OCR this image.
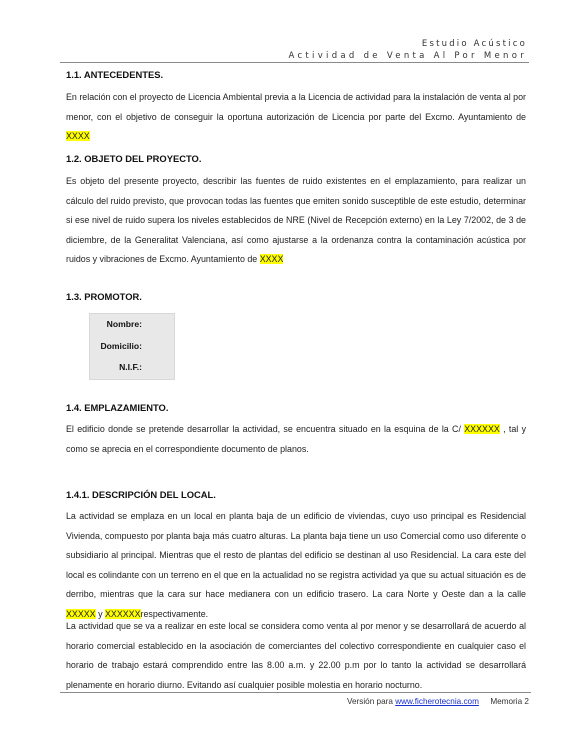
Estudio Acústico
Actividad de Venta Al Por Menor
1.1. ANTECEDENTES.
En relación con el proyecto de Licencia Ambiental previa a la Licencia de actividad para la instalación de venta al por menor, con el objetivo de conseguir la oportuna autorización de Licencia por parte del Excmo. Ayuntamiento de XXXX
1.2. OBJETO DEL PROYECTO.
Es objeto del presente proyecto, describir las fuentes de ruido existentes en el emplazamiento, para realizar un cálculo del ruido previsto, que provocan todas las fuentes que emiten sonido susceptible de este estudio, determinar si ese nivel de ruido supera los niveles establecidos de NRE (Nivel de Recepción externo) en la Ley 7/2002, de 3 de diciembre, de la Generalitat Valenciana, así como ajustarse a la ordenanza contra la contaminación acústica por ruidos y vibraciones de Excmo. Ayuntamiento de XXXX
1.3. PROMOTOR.
Nombre:
Domicilio:
N.I.F.:
1.4. EMPLAZAMIENTO.
El edificio donde se pretende desarrollar la actividad, se encuentra situado en la esquina de la C/ XXXXXX , tal y como se aprecia en el correspondiente documento de planos.
1.4.1. DESCRIPCIÓN DEL LOCAL.
La actividad se emplaza en un local en planta baja de un edificio de viviendas, cuyo uso principal es Residencial Vivienda, compuesto por planta baja más cuatro alturas. La planta baja tiene un uso Comercial como uso diferente o subsidiario al principal. Mientras que el resto de plantas del edificio se destinan al uso Residencial. La cara este del local es colindante con un terreno en el que en la actualidad no se registra actividad ya que su actual situación es de derribo, mientras que la cara sur hace medianera con un edificio trasero. La cara Norte y Oeste dan a la calle XXXXX y XXXXXXrespectivamente.
La actividad que se va a realizar en este local se considera como venta al por menor y se desarrollará de acuerdo al horario comercial establecido en la asociación de comerciantes del colectivo correspondiente en cualquier caso el horario de trabajo estará comprendido entre las 8.00 a.m. y 22.00 p.m por lo tanto la actividad se desarrollará plenamente en horario diurno. Evitando así cualquier posible molestia en horario nocturno.
Versión para www.ficherotecnia.com Memoria 2
